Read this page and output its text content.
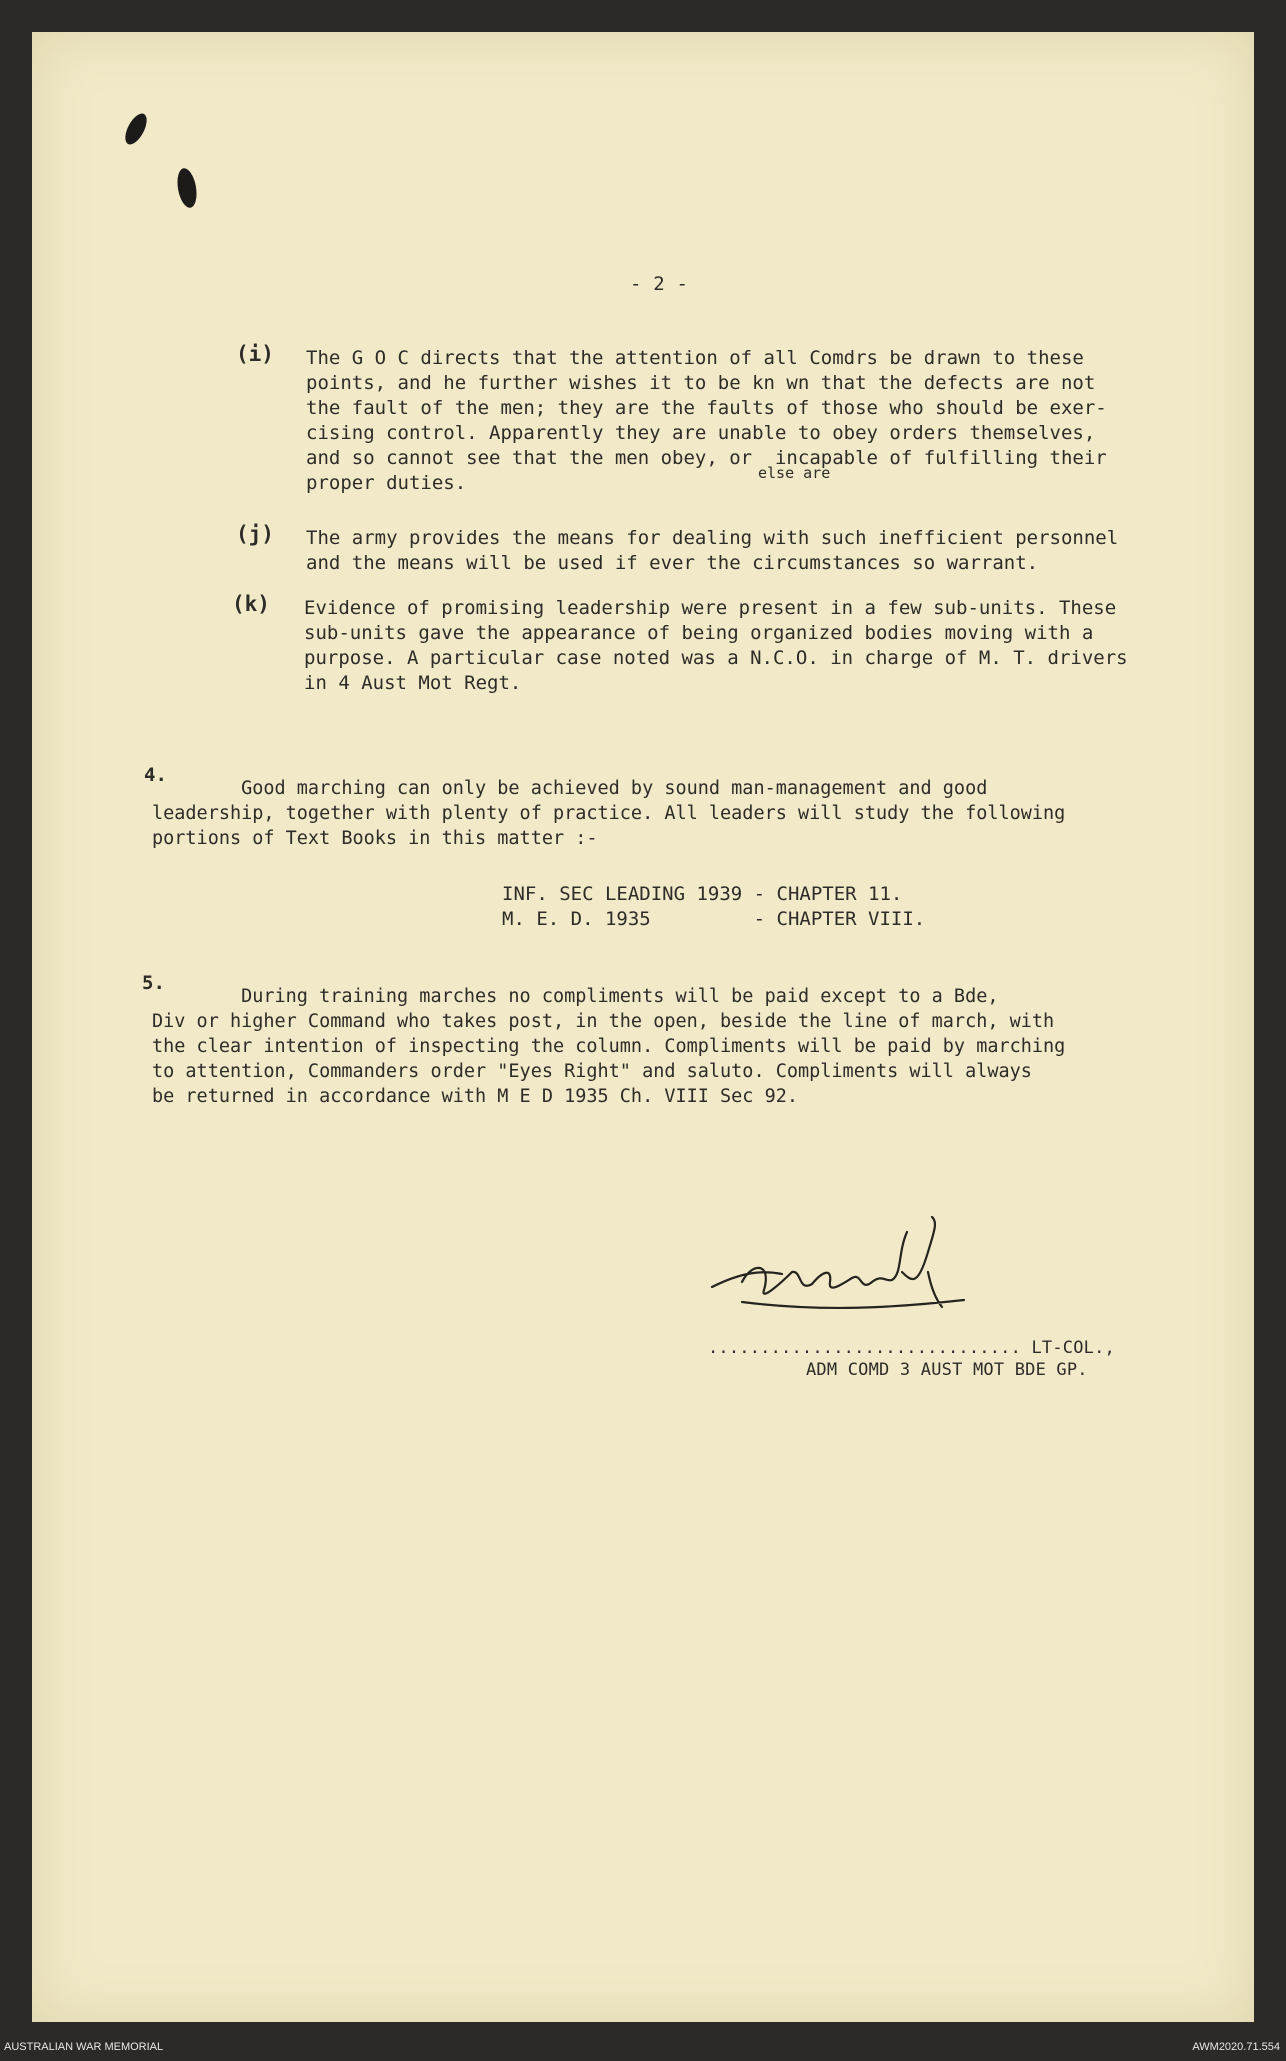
- 2 -
(i) The G O C directs that the attention of all Comdrs be drawn to these
points, and he further wishes it to be kn wn that the defects are not
the fault of the men; they are the faults of those who should be exer-
cising control. Apparently they are unable to obey orders themselves,
and so cannot see that the men obey, or  incapable of fulfilling their
proper duties.	else are
(j) The army provides the means for dealing with such inefficient personnel
and the means will be used if ever the circumstances so warrant.
(k) Evidence of promising leadership were present in a few sub-units. These
sub-units gave the appearance of being organized bodies moving with a
purpose. A particular case noted was a N.C.O. in charge of M. T. drivers
in 4 Aust Mot Regt.
4.
Good marching can only be achieved by sound man-management and good
leadership, together with plenty of practice. All leaders will study the following
portions of Text Books in this matter :-
INF. SEC LEADING 1939 - CHAPTER 11.
M. E. D. 1935         - CHAPTER VIII.
5.
During training marches no compliments will be paid except to a Bde,
Div or higher Command who takes post, in the open, beside the line of march, with
the clear intention of inspecting the column. Compliments will be paid by marching
to attention, Commanders order "Eyes Right" and saluto. Compliments will always
be returned in accordance with M E D 1935 Ch. VIII Sec 92.
.............................. LT-COL.,
ADM COMD 3 AUST MOT BDE GP.
AUSTRALIAN WAR MEMORIAL	AWM2020.71.554
